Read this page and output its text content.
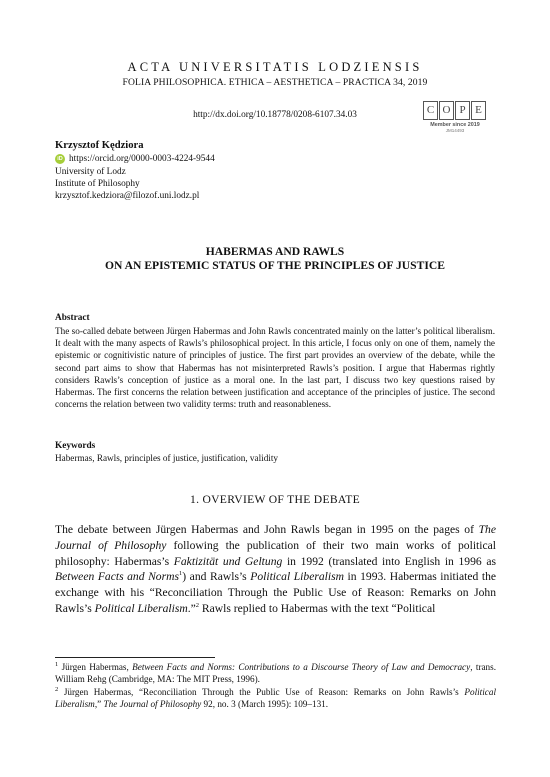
ACTA UNIVERSITATIS LODZIENSIS
FOLIA PHILOSOPHICA. ETHICA – AESTHETICA – PRACTICA 34, 2019
http://dx.doi.org/10.18778/0208-6107.34.03	C O P E
Member since 2019
JM14493
Krzysztof Kędziora
iD https://orcid.org/0000-0003-4224-9544
University of Lodz
Institute of Philosophy
krzysztof.kedziora@filozof.uni.lodz.pl
HABERMAS AND RAWLS
ON AN EPISTEMIC STATUS OF THE PRINCIPLES OF JUSTICE
Abstract
The so-called debate between Jürgen Habermas and John Rawls concentrated mainly on the latter’s political liberalism. It dealt with the many aspects of Rawls’s philosophical project. In this article, I focus only on one of them, namely the epistemic or cognitivistic nature of principles of justice. The first part provides an overview of the debate, while the second part aims to show that Habermas has not misinterpreted Rawls’s position. I argue that Habermas rightly considers Rawls’s conception of justice as a moral one. In the last part, I discuss two key questions raised by Habermas. The first concerns the relation between justification and acceptance of the principles of justice. The second concerns the relation between two validity terms: truth and reasonableness.
Keywords
Habermas, Rawls, principles of justice, justification, validity
1. OVERVIEW OF THE DEBATE
The debate between Jürgen Habermas and John Rawls began in 1995 on the pages of The Journal of Philosophy following the publication of their two main works of political philosophy: Habermas’s Faktizität und Geltung in 1992 (translated into English in 1996 as Between Facts and Norms$^1$) and Rawls’s Political Liberalism in 1993. Habermas initiated the exchange with his “Reconciliation Through the Public Use of Reason: Remarks on John Rawls’s Political Liberalism.”$^2$ Rawls replied to Habermas with the text “Political
$^1$ Jürgen Habermas, Between Facts and Norms: Contributions to a Discourse Theory of Law and Democracy, trans. William Rehg (Cambridge, MA: The MIT Press, 1996).
$^2$ Jürgen Habermas, “Reconciliation Through the Public Use of Reason: Remarks on John Rawls’s Political Liberalism,” The Journal of Philosophy 92, no. 3 (March 1995): 109–131.
